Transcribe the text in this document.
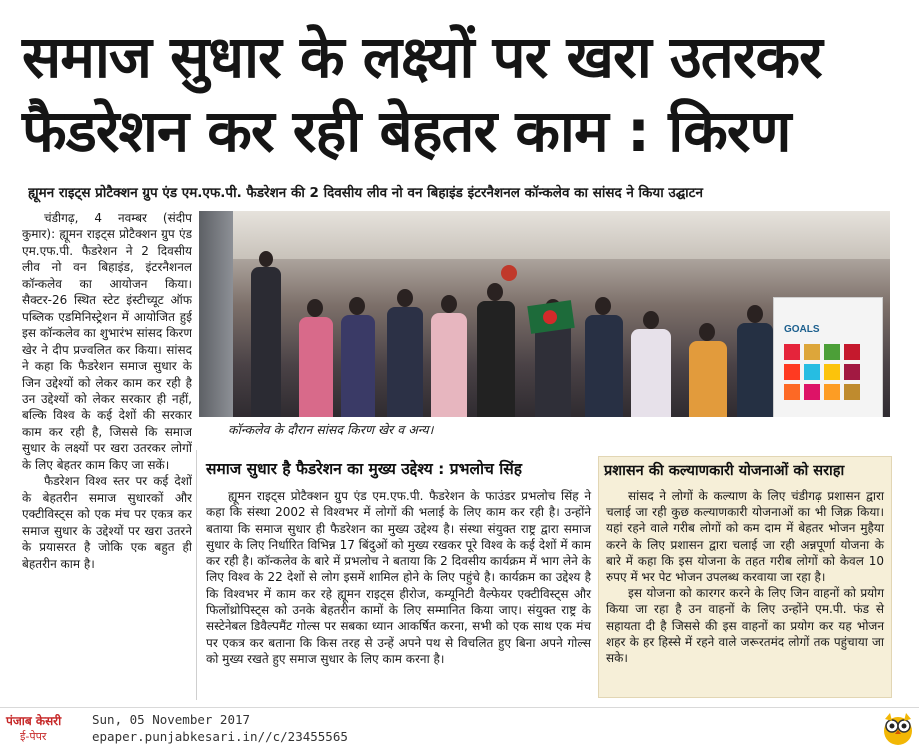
समाज सुधार के लक्ष्यों पर खरा उतरकर
फैडरेशन कर रही बेहतर काम : किरण
ह्यूमन राइट्स प्रोटैक्शन ग्रुप एंड एम.एफ.पी. फैडरेशन की 2 दिवसीय लीव नो वन बिहाइंड इंटरनैशनल कॉन्कलेव का सांसद ने किया उद्घाटन

चंडीगढ़, 4 नवम्बर (संदीप कुमार): ह्यूमन राइट्स प्रोटैक्शन ग्रुप एंड एम.एफ.पी. फैडरेशन ने 2 दिवसीय लीव नो वन बिहाइंड, इंटरनैशनल कॉन्कलेव का आयोजन किया। सैक्टर-26 स्थित स्टेट इंस्टीच्यूट ऑफ पब्लिक एडमिनिस्ट्रेशन में आयोजित हुई इस कॉन्कलेव का शुभारंभ सांसद किरण खेर ने दीप प्रज्वलित कर किया। सांसद ने कहा कि फैडरेशन समाज सुधार के जिन उद्देश्यों को लेकर काम कर रही है उन उद्देश्यों को लेकर सरकार ही नहीं, बल्कि विश्व के कई देशों की सरकार काम कर रही है, जिससे कि समाज सुधार के लक्ष्यों पर खरा उतरकर लोगों के लिए बेहतर काम किए जा सकें।

फैडरेशन विश्व स्तर पर कई देशों के बेहतरीन समाज सुधारकों और एक्टीविस्ट्स को एक मंच पर एकत्र कर समाज सुधार के उद्देश्यों पर खरा उतरने के प्रयासरत है जोकि एक बहुत ही बेहतरीन काम है।

GOALS
कॉन्कलेव के दौरान सांसद किरण खेर व अन्य।
समाज सुधार है फैडरेशन का मुख्य उद्देश्य : प्रभलोच सिंह

ह्यूमन राइट्स प्रोटैक्शन ग्रुप एंड एम.एफ.पी. फैडरेशन के फाउंडर प्रभलोच सिंह ने कहा कि संस्था 2002 से विश्वभर में लोगों की भलाई के लिए काम कर रही है। उन्होंने बताया कि समाज सुधार ही फैडरेशन का मुख्य उद्देश्य है। संस्था संयुक्त राष्ट्र द्वारा समाज सुधार के लिए निर्धारित विभिन्न 17 बिंदुओं को मुख्य रखकर पूरे विश्व के कई देशों में काम कर रही है। कॉन्कलेव के बारे में प्रभलोच ने बताया कि 2 दिवसीय कार्यक्रम में भाग लेने के लिए विश्व के 22 देशों से लोग इसमें शामिल होने के लिए पहुंचे है। कार्यक्रम का उद्देश्य है कि विश्वभर में काम कर रहे ह्यूमन राइट्स हीरोज, कम्यूनिटी वैल्फेयर एक्टीविस्ट्स और फिलोंथ्रोपिस्ट्स को उनके बेहतरीन कामों के लिए सम्मानित किया जाए। संयुक्त राष्ट्र के सस्टेनेबल डिवैल्पमैंट गोल्स पर सबका ध्यान आकर्षित करना, सभी को एक साथ एक मंच पर एकत्र कर बताना कि किस तरह से उन्हें अपने पथ से विचलित हुए बिना अपने गोल्स को मुख्य रखते हुए समाज सुधार के लिए काम करना है।

प्रशासन की कल्याणकारी योजनाओं को सराहा

सांसद ने लोगों के कल्याण के लिए चंडीगढ़ प्रशासन द्वारा चलाई जा रही कुछ कल्याणकारी योजनाओं का भी जिक्र किया। यहां रहने वाले गरीब लोगों को कम दाम में बेहतर भोजन मुहैया करने के लिए प्रशासन द्वारा चलाई जा रही अन्नपूर्णा योजना के बारे में कहा कि इस योजना के तहत गरीब लोगों को केवल 10 रुपए में भर पेट भोजन उपलब्ध करवाया जा रहा है।

इस योजना को कारगर करने के लिए जिन वाहनों को प्रयोग किया जा रहा है उन वाहनों के लिए उन्होंने एम.पी. फंड से सहायता दी है जिससे की इस वाहनों का प्रयोग कर यह भोजन शहर के हर हिस्से में रहने वाले जरूरतमंद लोगों तक पहुंचाया जा सके।

पंजाब केसरी
ई-पेपर
Sun, 05 November 2017
epaper.punjabkesari.in//c/23455565
